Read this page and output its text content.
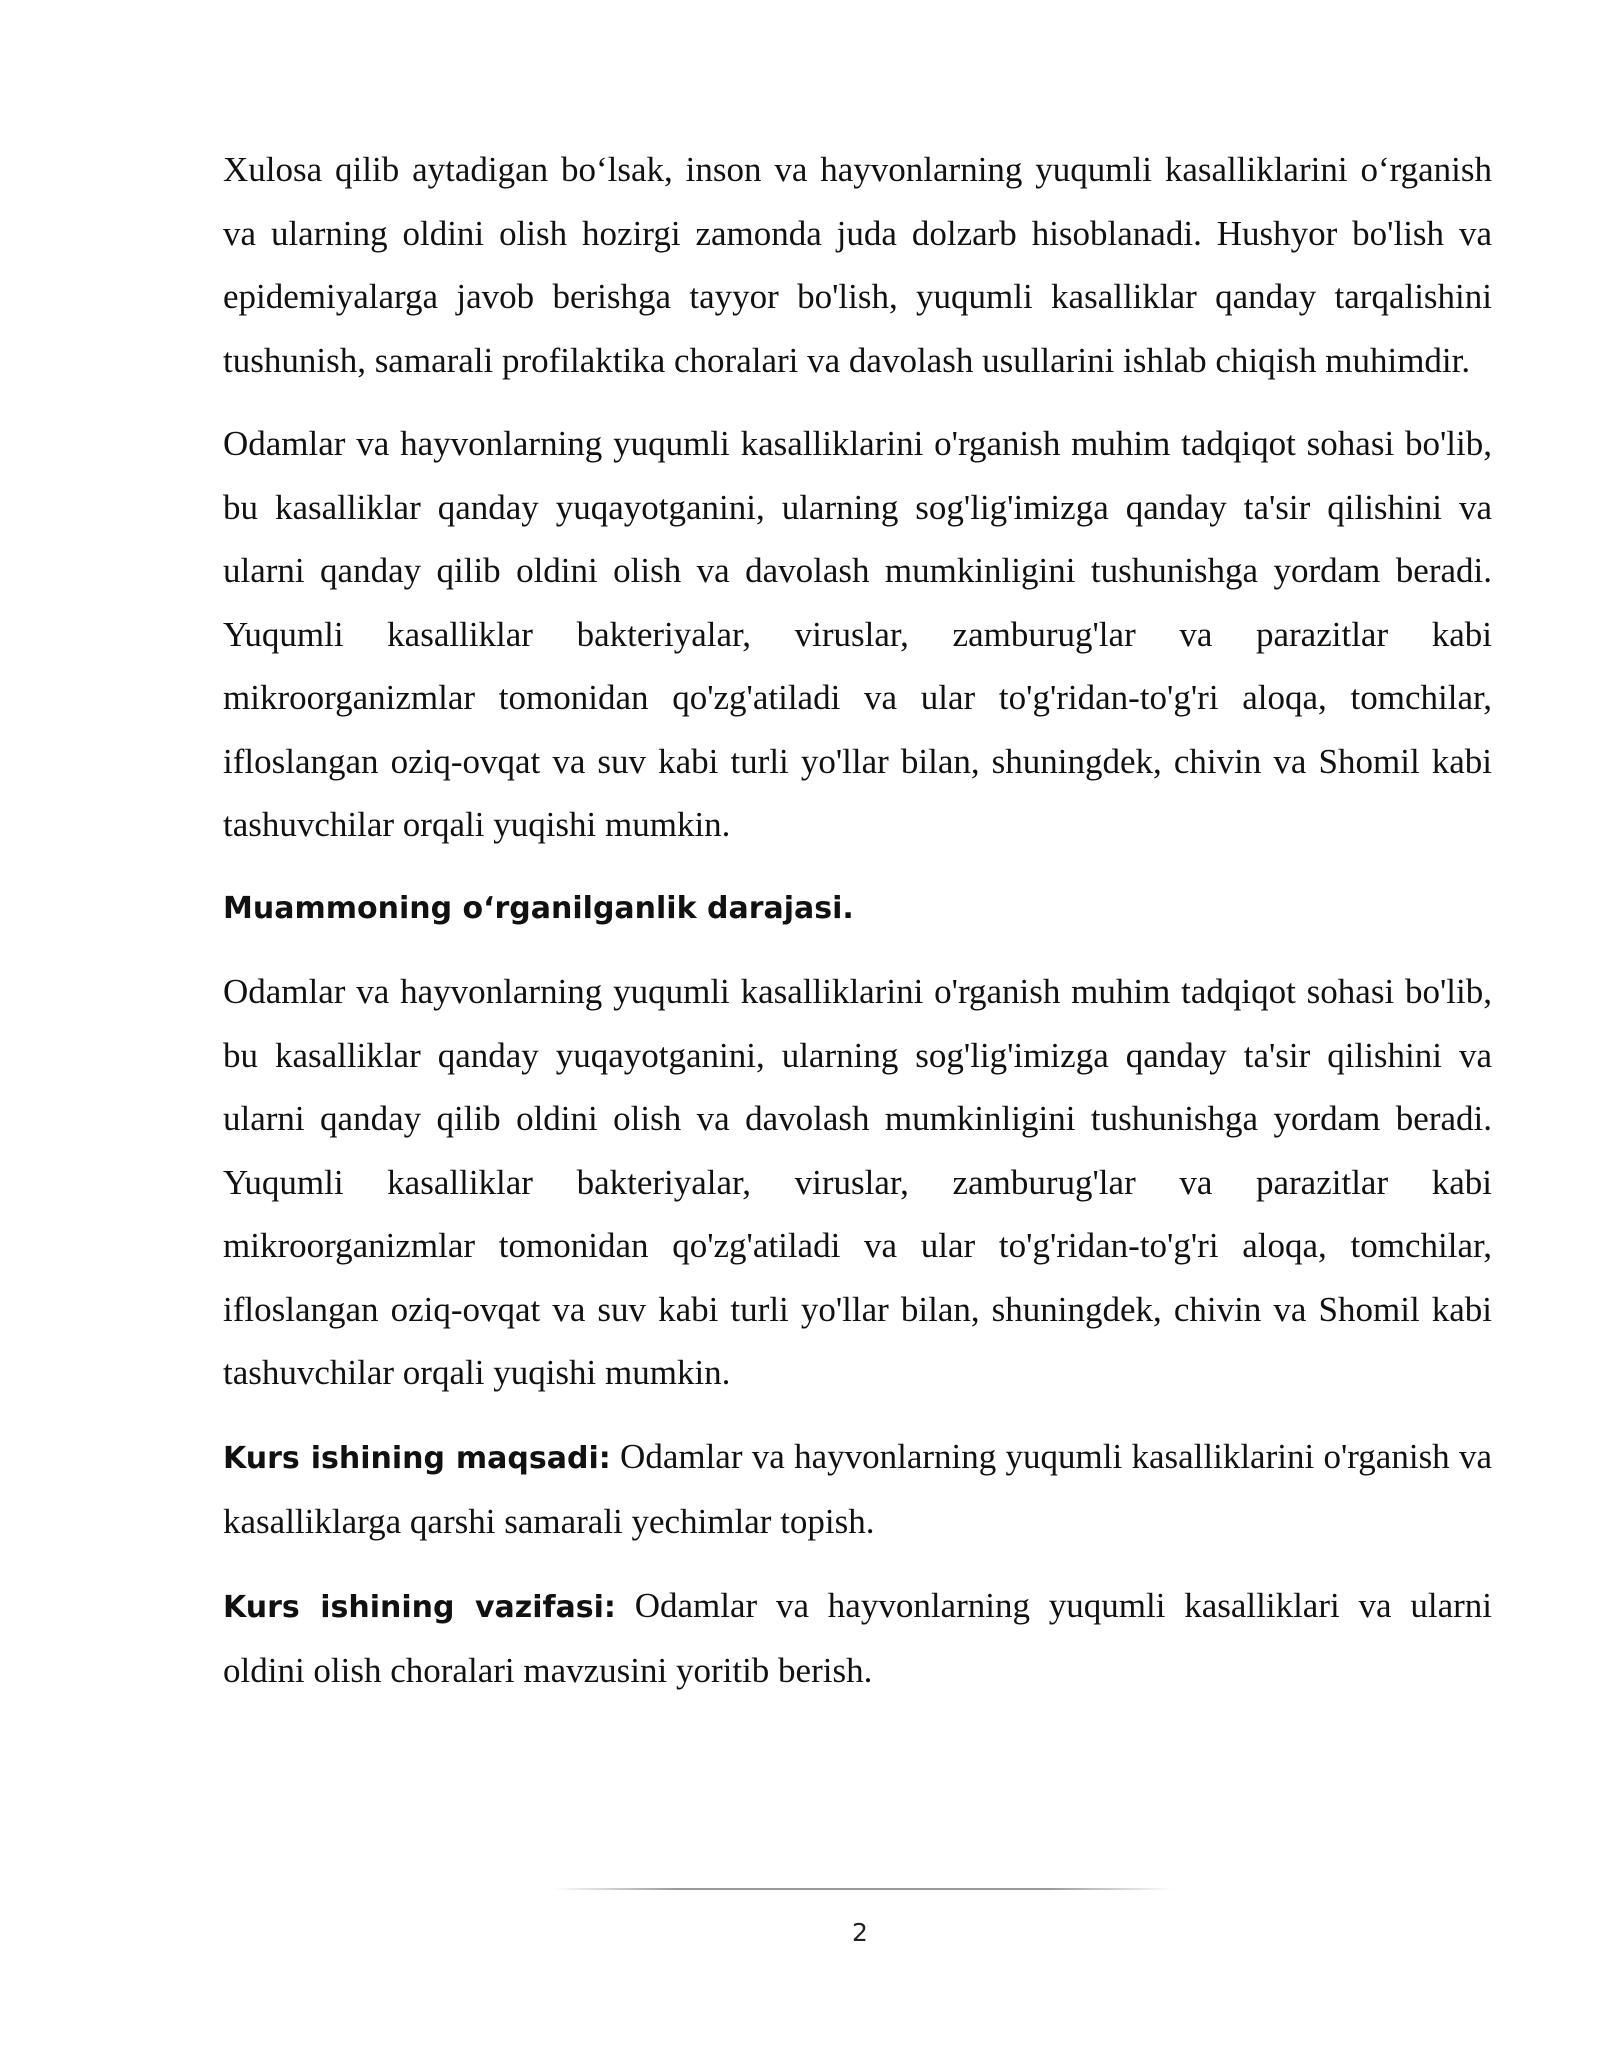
Xulosa qilib aytadigan bo‘lsak, inson va hayvonlarning yuqumli kasalliklarini o‘rganish va ularning oldini olish hozirgi zamonda juda dolzarb hisoblanadi. Hushyor bo'lish va epidemiyalarga javob berishga tayyor bo'lish, yuqumli kasalliklar qanday tarqalishini tushunish, samarali profilaktika choralari va davolash usullarini ishlab chiqish muhimdir.

Odamlar va hayvonlarning yuqumli kasalliklarini o'rganish muhim tadqiqot sohasi bo'lib, bu kasalliklar qanday yuqayotganini, ularning sog'lig'imizga qanday ta'sir qilishini va ularni qanday qilib oldini olish va davolash mumkinligini tushunishga yordam beradi. Yuqumli kasalliklar bakteriyalar, viruslar, zamburug'lar va parazitlar kabi mikroorganizmlar tomonidan qo'zg'atiladi va ular to'g'ridan-to'g'ri aloqa, tomchilar, ifloslangan oziq-ovqat va suv kabi turli yo'llar bilan, shuningdek, chivin va Shomil kabi tashuvchilar orqali yuqishi mumkin.

Muammoning o‘rganilganlik darajasi.

Odamlar va hayvonlarning yuqumli kasalliklarini o'rganish muhim tadqiqot sohasi bo'lib, bu kasalliklar qanday yuqayotganini, ularning sog'lig'imizga qanday ta'sir qilishini va ularni qanday qilib oldini olish va davolash mumkinligini tushunishga yordam beradi. Yuqumli kasalliklar bakteriyalar, viruslar, zamburug'lar va parazitlar kabi mikroorganizmlar tomonidan qo'zg'atiladi va ular to'g'ridan-to'g'ri aloqa, tomchilar, ifloslangan oziq-ovqat va suv kabi turli yo'llar bilan, shuningdek, chivin va Shomil kabi tashuvchilar orqali yuqishi mumkin.

Kurs ishining maqsadi: Odamlar va hayvonlarning yuqumli kasalliklarini o'rganish va kasalliklarga qarshi samarali yechimlar topish.

Kurs ishining vazifasi: Odamlar va hayvonlarning yuqumli kasalliklari va ularni oldini olish choralari mavzusini yoritib berish.

2
